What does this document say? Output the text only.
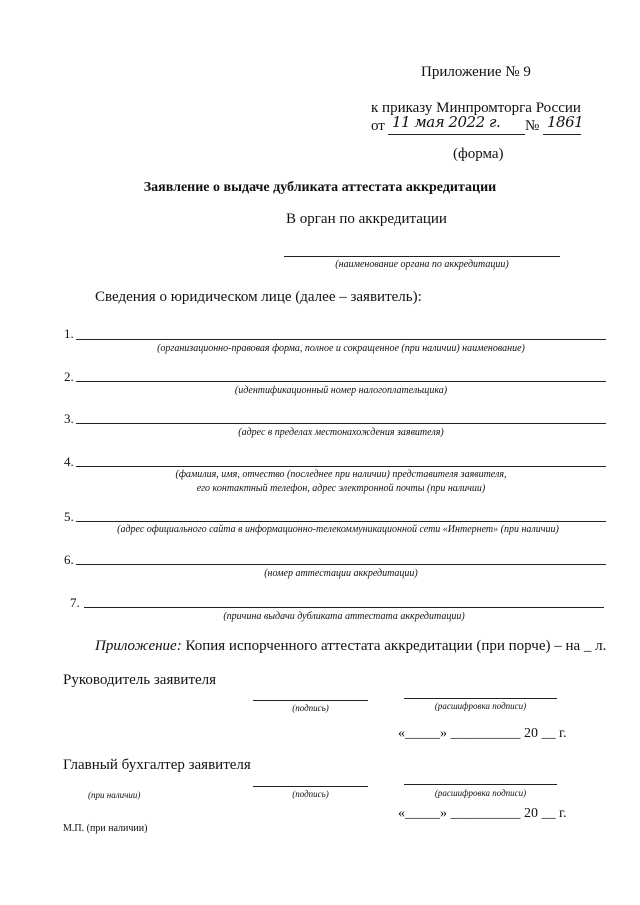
Приложение № 9
к приказу Минпромторга России
от 11 мая 2022 г. № 1861
(форма)
Заявление о выдаче дубликата аттестата аккредитации
В орган по аккредитации
(наименование органа по аккредитации)
Сведения о юридическом лице (далее – заявитель):
1.
(организационно-правовая форма, полное и сокращенное (при наличии) наименование)
2.
(идентификационный номер налогоплательщика)
3.
(адрес в пределах местонахождения заявителя)
4.
(фамилия, имя, отчество (последнее при наличии) представителя заявителя,
его контактный телефон, адрес электронной почты (при наличии)
5.
(адрес официального сайта в информационно-телекоммуникационной сети «Интернет» (при наличии)
6.
(номер аттестации аккредитации)
7.
(причина выдачи дубликата аттестата аккредитации)
Приложение: Копия испорченного аттестата аккредитации (при порче) – на _ л.
Руководитель заявителя
(подпись)	(расшифровка подписи)
«_____» __________ 20 __ г.
Главный бухгалтер заявителя
(при наличии)	(подпись)	(расшифровка подписи)
«_____» __________ 20 __ г.
М.П. (при наличии)
